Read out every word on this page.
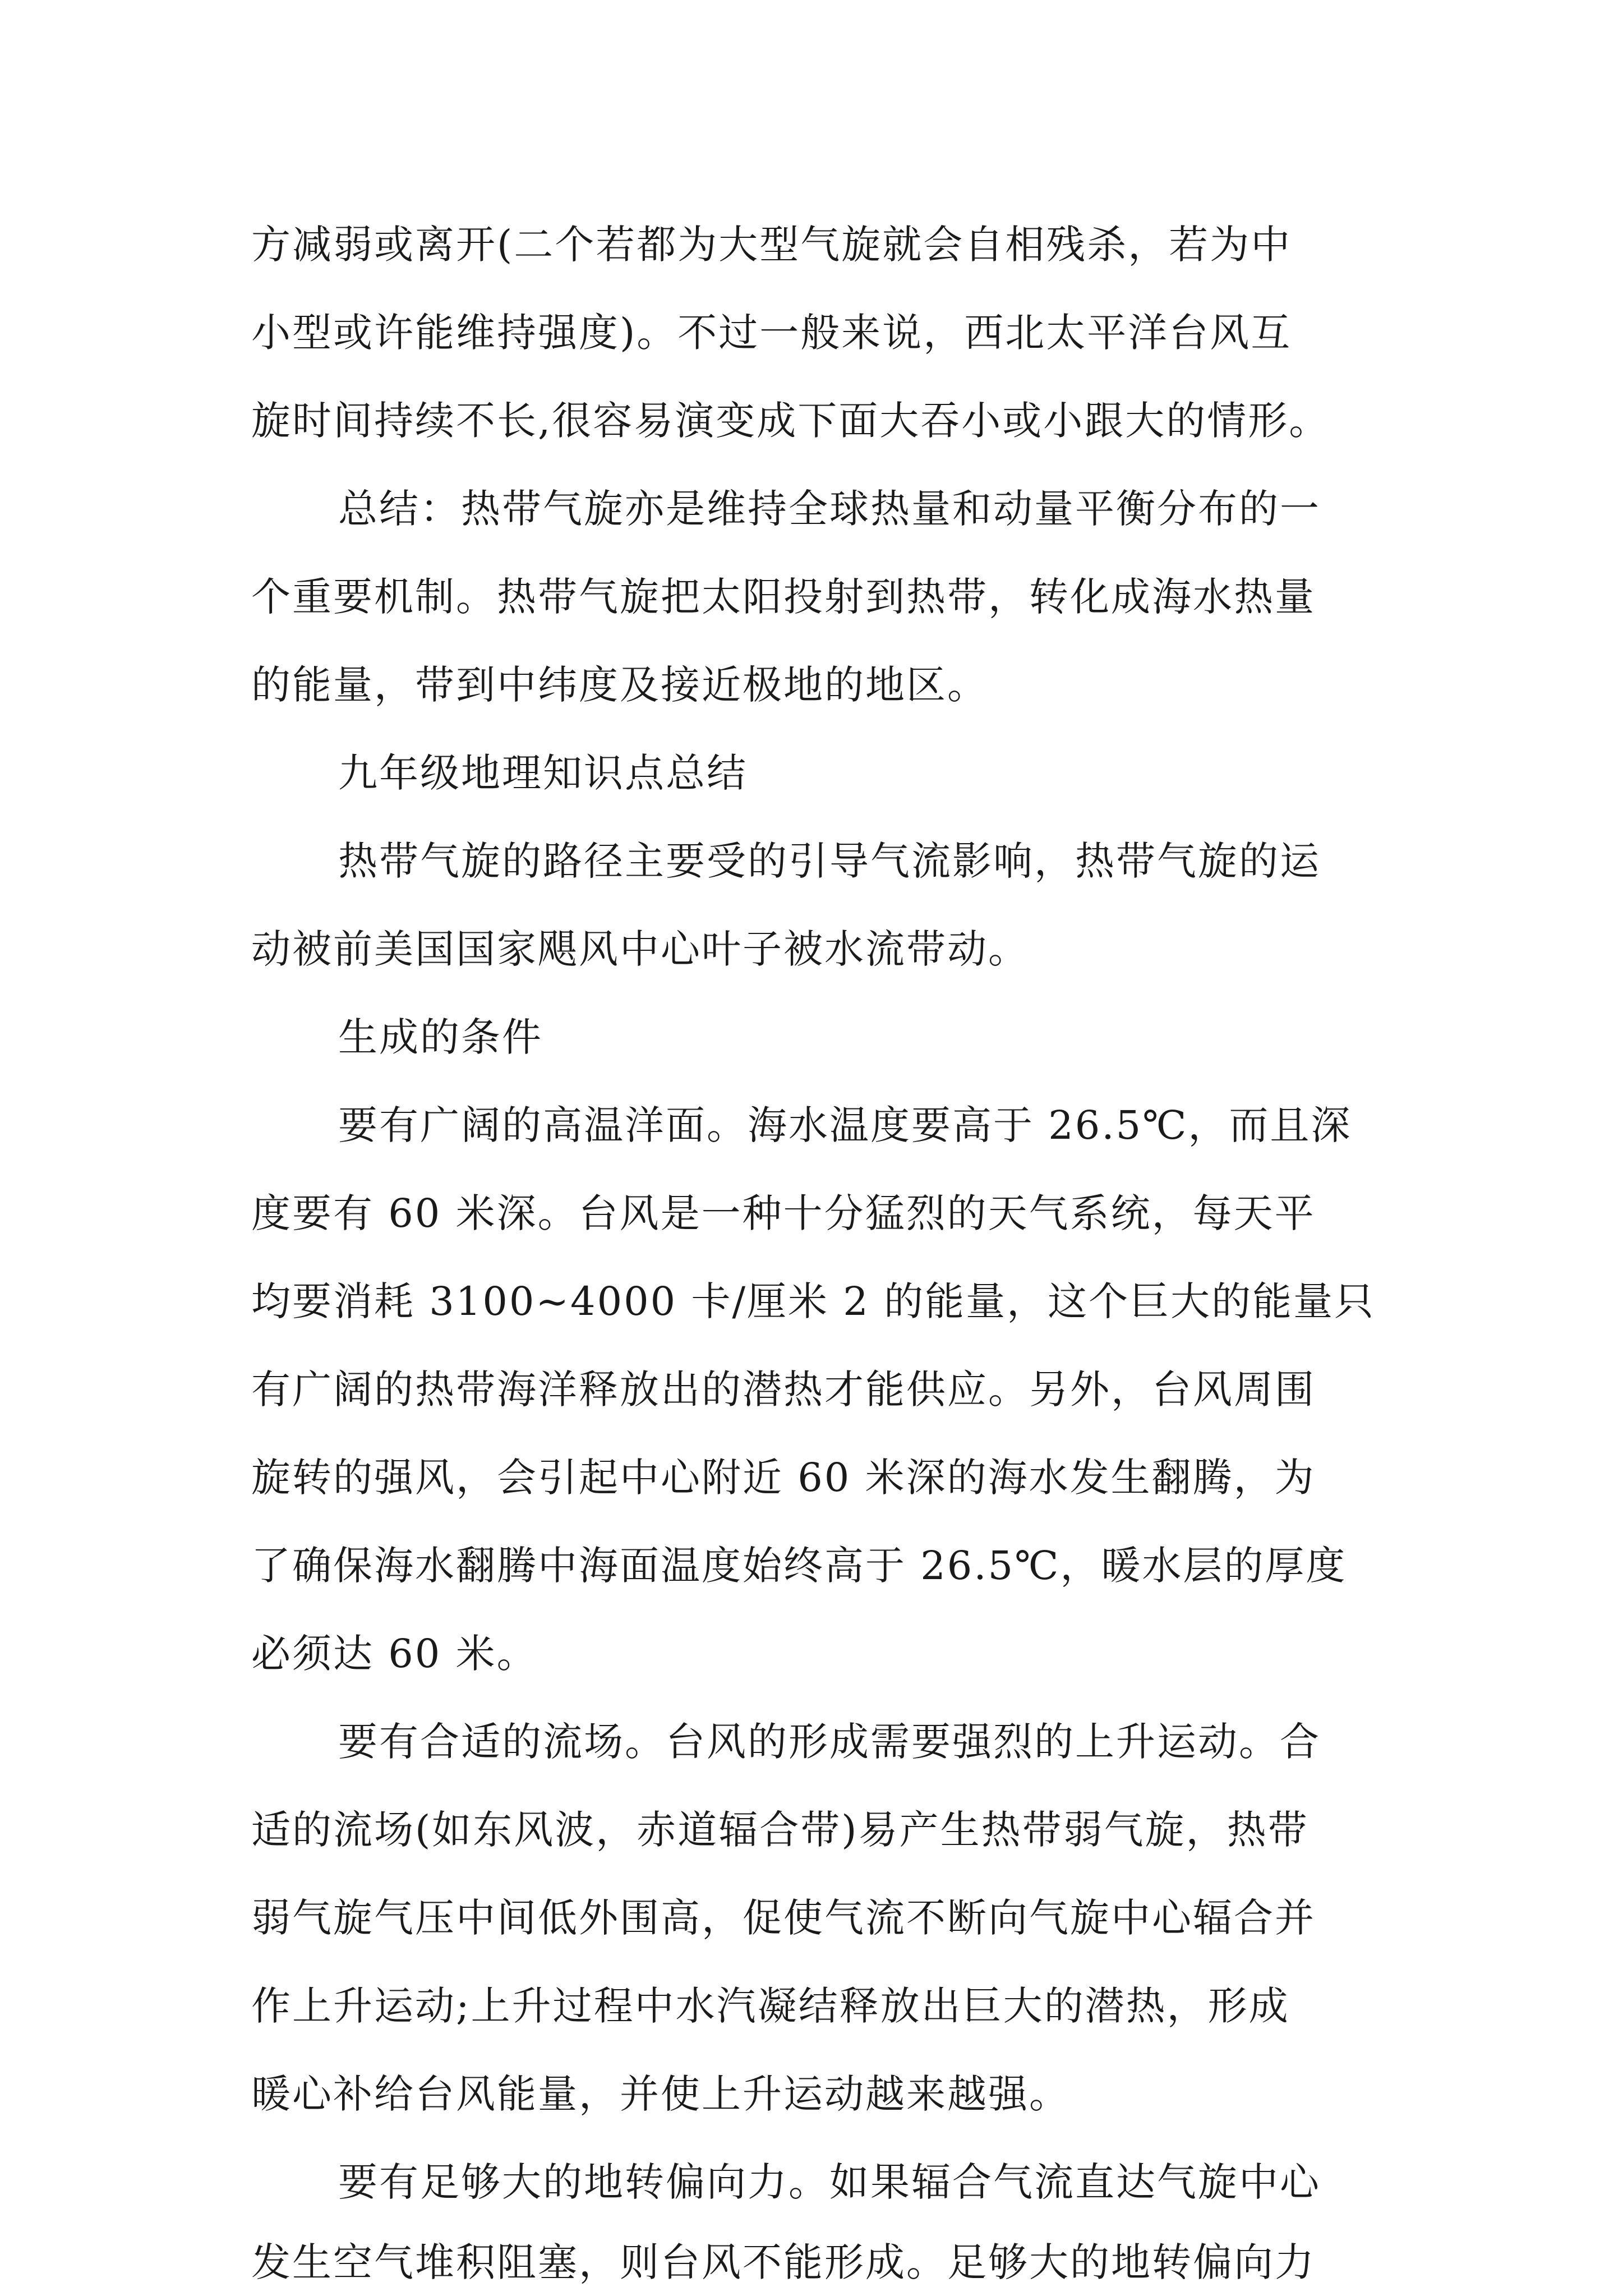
方减弱或离开(二个若都为大型气旋就会自相残杀，若为中
小型或许能维持强度)。不过一般来说，西北太平洋台风互
旋时间持续不长,很容易演变成下面大吞小或小跟大的情形。
总结：热带气旋亦是维持全球热量和动量平衡分布的一
个重要机制。热带气旋把太阳投射到热带，转化成海水热量
的能量，带到中纬度及接近极地的地区。
九年级地理知识点总结
热带气旋的路径主要受的引导气流影响，热带气旋的运
动被前美国国家飓风中心叶子被水流带动。
生成的条件
要有广阔的高温洋面。海水温度要高于 26.5℃，而且深
度要有 60 米深。台风是一种十分猛烈的天气系统，每天平
均要消耗 3100~4000 卡/厘米 2 的能量，这个巨大的能量只
有广阔的热带海洋释放出的潜热才能供应。另外，台风周围
旋转的强风，会引起中心附近 60 米深的海水发生翻腾，为
了确保海水翻腾中海面温度始终高于 26.5℃，暖水层的厚度
必须达 60 米。
要有合适的流场。台风的形成需要强烈的上升运动。合
适的流场(如东风波，赤道辐合带)易产生热带弱气旋，热带
弱气旋气压中间低外围高，促使气流不断向气旋中心辐合并
作上升运动;上升过程中水汽凝结释放出巨大的潜热，形成
暖心补给台风能量，并使上升运动越来越强。
要有足够大的地转偏向力。如果辐合气流直达气旋中心
发生空气堆积阻塞，则台风不能形成。足够大的地转偏向力
